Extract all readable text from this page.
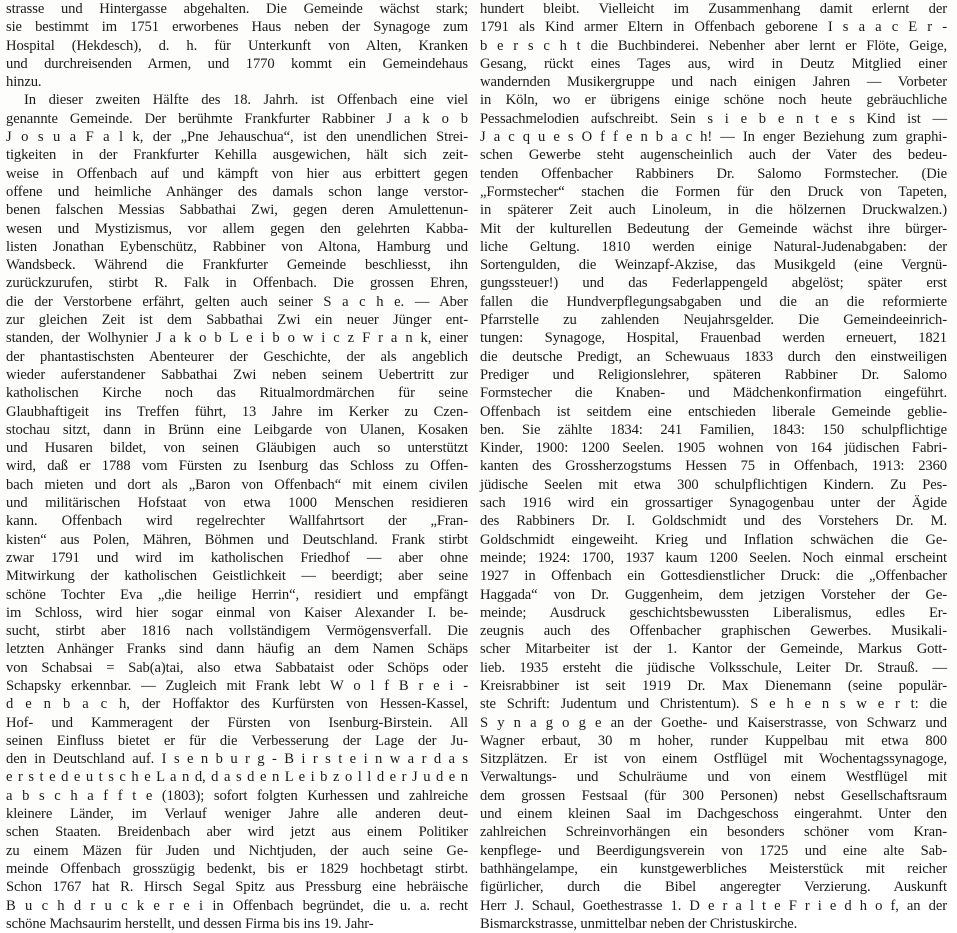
strasse und Hintergasse abgehalten. Die Gemeinde wächst stark;
sie bestimmt im 1751 erworbenes Haus neben der Synagoge zum
Hospital (Hekdesch), d. h. für Unterkunft von Alten, Kranken
und durchreisenden Armen, und 1770 kommt ein Gemeindehaus
hinzu.
In dieser zweiten Hälfte des 18. Jahrh. ist Offenbach eine viel
genannte Gemeinde. Der berühmte Frankfurter Rabbiner J a k o b
J o s u a F a l k, der „Pne Jehauschua“, ist den unendlichen Strei-
tigkeiten in der Frankfurter Kehilla ausgewichen, hält sich zeit-
weise in Offenbach auf und kämpft von hier aus erbittert gegen
offene und heimliche Anhänger des damals schon lange verstor-
benen falschen Messias Sabbathai Zwi, gegen deren Amulettenun-
wesen und Mystizismus, vor allem gegen den gelehrten Kabba-
listen Jonathan Eybenschütz, Rabbiner von Altona, Hamburg und
Wandsbeck. Während die Frankfurter Gemeinde beschliesst, ihn
zurückzurufen, stirbt R. Falk in Offenbach. Die grossen Ehren,
die der Verstorbene erfährt, gelten auch seiner S a c h e. — Aber
zur gleichen Zeit ist dem Sabbathai Zwi ein neuer Jünger ent-
standen, der Wolhynier J a k o b L e i b o w i c z F r a n k, einer
der phantastischsten Abenteurer der Geschichte, der als angeblich
wieder auferstandener Sabbathai Zwi neben seinem Uebertritt zur
katholischen Kirche noch das Ritualmordmärchen für seine
Glaubhaftigeit ins Treffen führt, 13 Jahre im Kerker zu Czen-
stochau sitzt, dann in Brünn eine Leibgarde von Ulanen, Kosaken
und Husaren bildet, von seinen Gläubigen auch so unterstützt
wird, daß er 1788 vom Fürsten zu Isenburg das Schloss zu Offen-
bach mieten und dort als „Baron von Offenbach“ mit einem civilen
und militärischen Hofstaat von etwa 1000 Menschen residieren
kann. Offenbach wird regelrechter Wallfahrtsort der „Fran-
kisten“ aus Polen, Mähren, Böhmen und Deutschland. Frank stirbt
zwar 1791 und wird im katholischen Friedhof — aber ohne
Mitwirkung der katholischen Geistlichkeit — beerdigt; aber seine
schöne Tochter Eva „die heilige Herrin“, residiert und empfängt
im Schloss, wird hier sogar einmal von Kaiser Alexander I. be-
sucht, stirbt aber 1816 nach vollständigem Vermögensverfall. Die
letzten Anhänger Franks sind dann häufig an dem Namen Schäps
von Schabsai = Sab(a)tai, also etwa Sabbataist oder Schöps oder
Schapsky erkennbar. — Zugleich mit Frank lebt W o l f B r e i -
d e n b a c h, der Hoffaktor des Kurfürsten von Hessen-Kassel,
Hof- und Kammeragent der Fürsten von Isenburg-Birstein. All
seinen Einfluss bietet er für die Verbesserung der Lage der Ju-
den in Deutschland auf. I s e n b u r g - B i r s t e i n w a r d a s
e r s t e d e u t s c h e L a n d, d a s d e n L e i b z o l l d e r J u d e n
a b s c h a f f t e (1803); sofort folgten Kurhessen und zahlreiche
kleinere Länder, im Verlauf weniger Jahre alle anderen deut-
schen Staaten. Breidenbach aber wird jetzt aus einem Politiker
zu einem Mäzen für Juden und Nichtjuden, der auch seine Ge-
meinde Offenbach grosszügig bedenkt, bis er 1829 hochbetagt stirbt.
Schon 1767 hat R. Hirsch Segal Spitz aus Pressburg eine hebräische
B u c h d r u c k e r e i in Offenbach begründet, die u. a. recht
schöne Machsaurim herstellt, und dessen Firma bis ins 19. Jahr-
hundert bleibt. Vielleicht im Zusammenhang damit erlernt der
1791 als Kind armer Eltern in Offenbach geborene I s a a c E r -
b e r s c h t die Buchbinderei. Nebenher aber lernt er Flöte, Geige,
Gesang, rückt eines Tages aus, wird in Deutz Mitglied einer
wandernden Musikergruppe und nach einigen Jahren — Vorbeter
in Köln, wo er übrigens einige schöne noch heute gebräuchliche
Pessachmelodien aufschreibt. Sein s i e b e n t e s Kind ist —
J a c q u e s O f f e n b a c h! — In enger Beziehung zum graphi-
schen Gewerbe steht augenscheinlich auch der Vater des bedeu-
tenden Offenbacher Rabbiners Dr. Salomo Formstecher. (Die
„Formstecher“ stachen die Formen für den Druck von Tapeten,
in späterer Zeit auch Linoleum, in die hölzernen Druckwalzen.)
Mit der kulturellen Bedeutung der Gemeinde wächst ihre bürger-
liche Geltung. 1810 werden einige Natural-Judenabgaben: der
Sortengulden, die Weinzapf-Akzise, das Musikgeld (eine Vergnü-
gungssteuer!) und das Federlappengeld abgelöst; später erst
fallen die Hundverpflegungsabgaben und die an die reformierte
Pfarrstelle zu zahlenden Neujahrsgelder. Die Gemeindeeinrich-
tungen: Synagoge, Hospital, Frauenbad werden erneuert, 1821
die deutsche Predigt, an Schewuaus 1833 durch den einstweiligen
Prediger und Religionslehrer, späteren Rabbiner Dr. Salomo
Formstecher die Knaben- und Mädchenkonfirmation eingeführt.
Offenbach ist seitdem eine entschieden liberale Gemeinde geblie-
ben. Sie zählte 1834: 241 Familien, 1843: 150 schulpflichtige
Kinder, 1900: 1200 Seelen. 1905 wohnen von 164 jüdischen Fabri-
kanten des Grossherzogstums Hessen 75 in Offenbach, 1913: 2360
jüdische Seelen mit etwa 300 schulpflichtigen Kindern. Zu Pes-
sach 1916 wird ein grossartiger Synagogenbau unter der Ägide
des Rabbiners Dr. I. Goldschmidt und des Vorstehers Dr. M.
Goldschmidt eingeweiht. Krieg und Inflation schwächen die Ge-
meinde; 1924: 1700, 1937 kaum 1200 Seelen. Noch einmal erscheint
1927 in Offenbach ein Gottesdienstlicher Druck: die „Offenbacher
Haggada“ von Dr. Guggenheim, dem jetzigen Vorsteher der Ge-
meinde; Ausdruck geschichtsbewussten Liberalismus, edles Er-
zeugnis auch des Offenbacher graphischen Gewerbes. Musikali-
scher Mitarbeiter ist der 1. Kantor der Gemeinde, Markus Gott-
lieb. 1935 ersteht die jüdische Volksschule, Leiter Dr. Strauß. —
Kreisrabbiner ist seit 1919 Dr. Max Dienemann (seine populär-
ste Schrift: Judentum und Christentum). S e h e n s w e r t: die
S y n a g o g e an der Goethe- und Kaiserstrasse, von Schwarz und
Wagner erbaut, 30 m hoher, runder Kuppelbau mit etwa 800
Sitzplätzen. Er ist von einem Ostflügel mit Wochentagssynagoge,
Verwaltungs- und Schulräume und von einem Westflügel mit
dem grossen Festsaal (für 300 Personen) nebst Gesellschaftsraum
und einem kleinen Saal im Dachgeschoss eingerahmt. Unter den
zahlreichen Schreinvorhängen ein besonders schöner vom Kran-
kenpflege- und Beerdigungsverein von 1725 und eine alte Sab-
bathhängelampe, ein kunstgewerbliches Meisterstück mit reicher
figürlicher, durch die Bibel angeregter Verzierung. Auskunft
Herr J. Schaul, Goethestrasse 1. D e r a l t e F r i e d h o f, an der
Bismarckstrasse, unmittelbar neben der Christuskirche.
